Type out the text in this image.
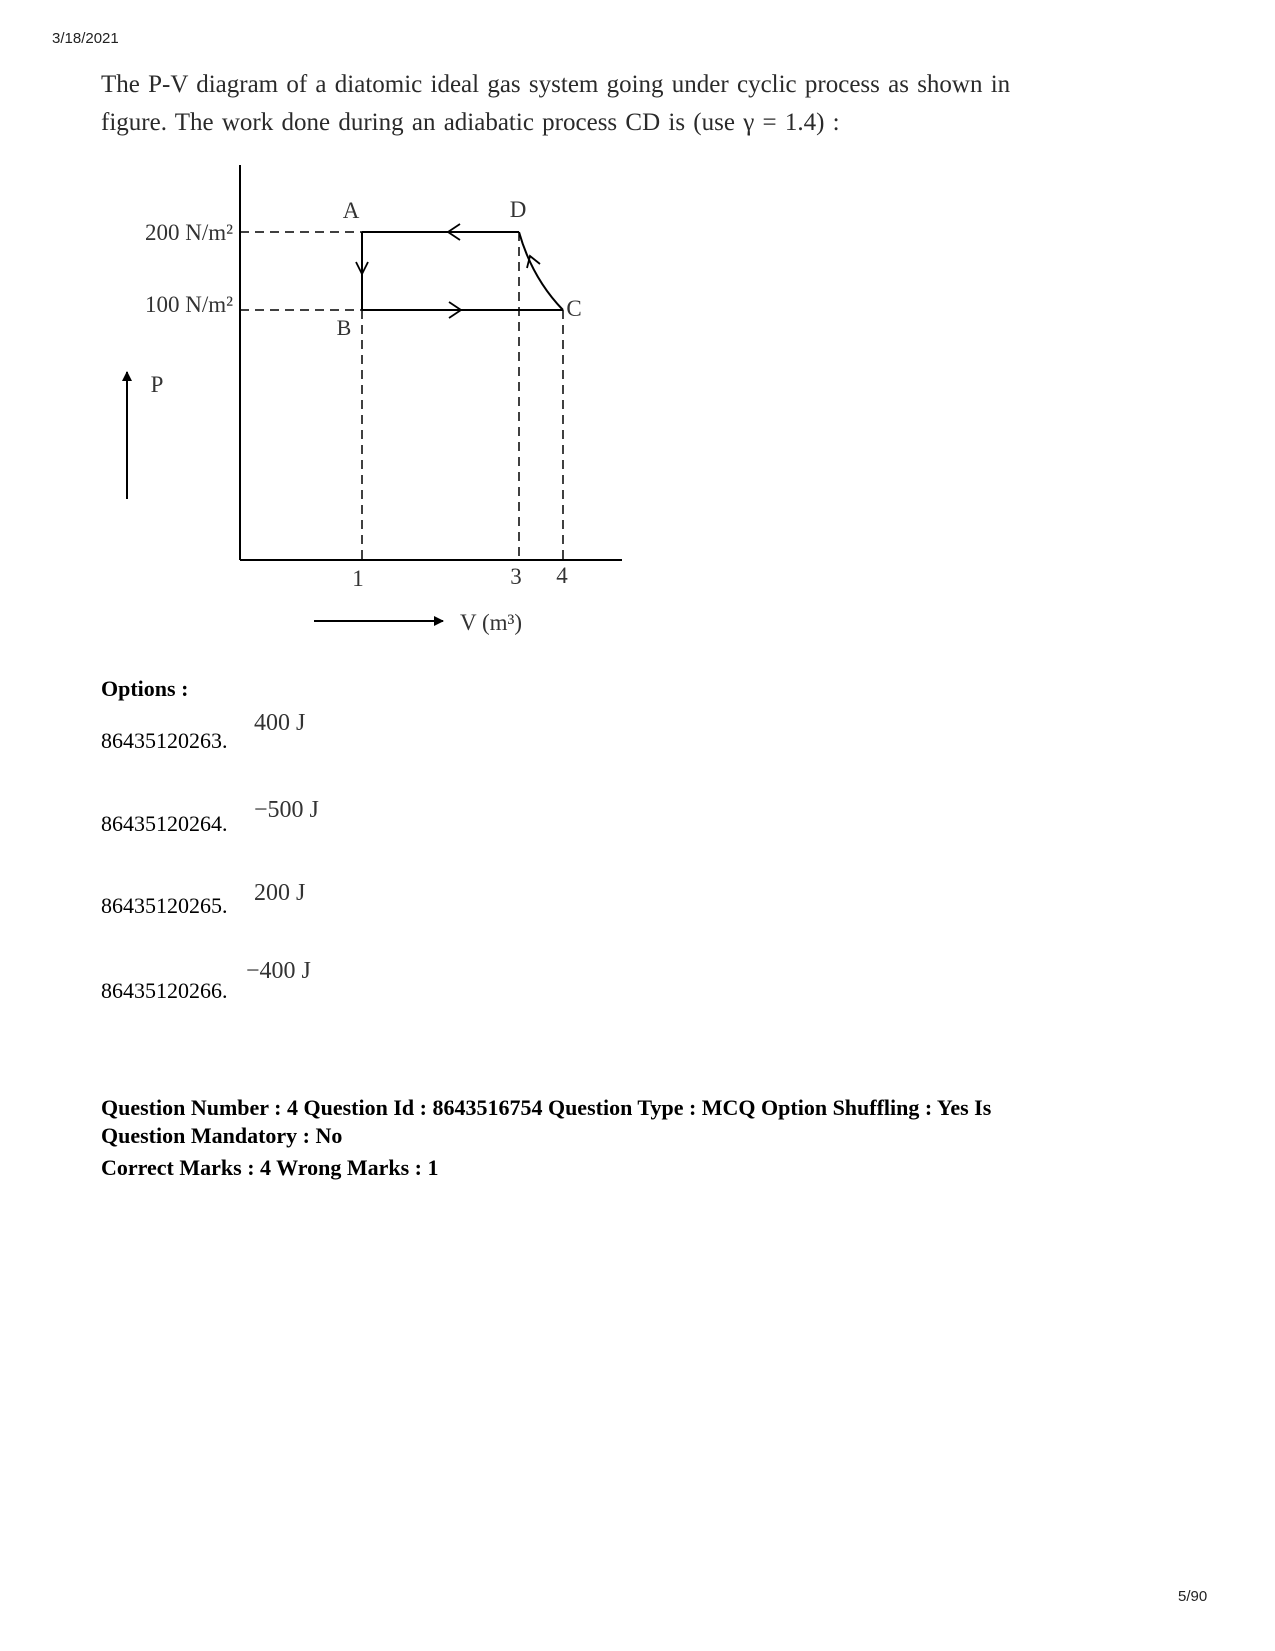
3/18/2021
The P-V diagram of a diatomic ideal gas system going under cyclic process as shown in
figure. The work done during an adiabatic process CD is (use γ = 1.4) :
200 N/m²
100 N/m²
A	D
B
C
P
1	3 4
V (m³)
Options :
86435120263.
400 J
86435120264.
−500 J
86435120265. 200 J
86435120266.
−400 J
Question Number : 4 Question Id : 8643516754 Question Type : MCQ Option Shuffling : Yes Is
Question Mandatory : No
Correct Marks : 4 Wrong Marks : 1
5/90
